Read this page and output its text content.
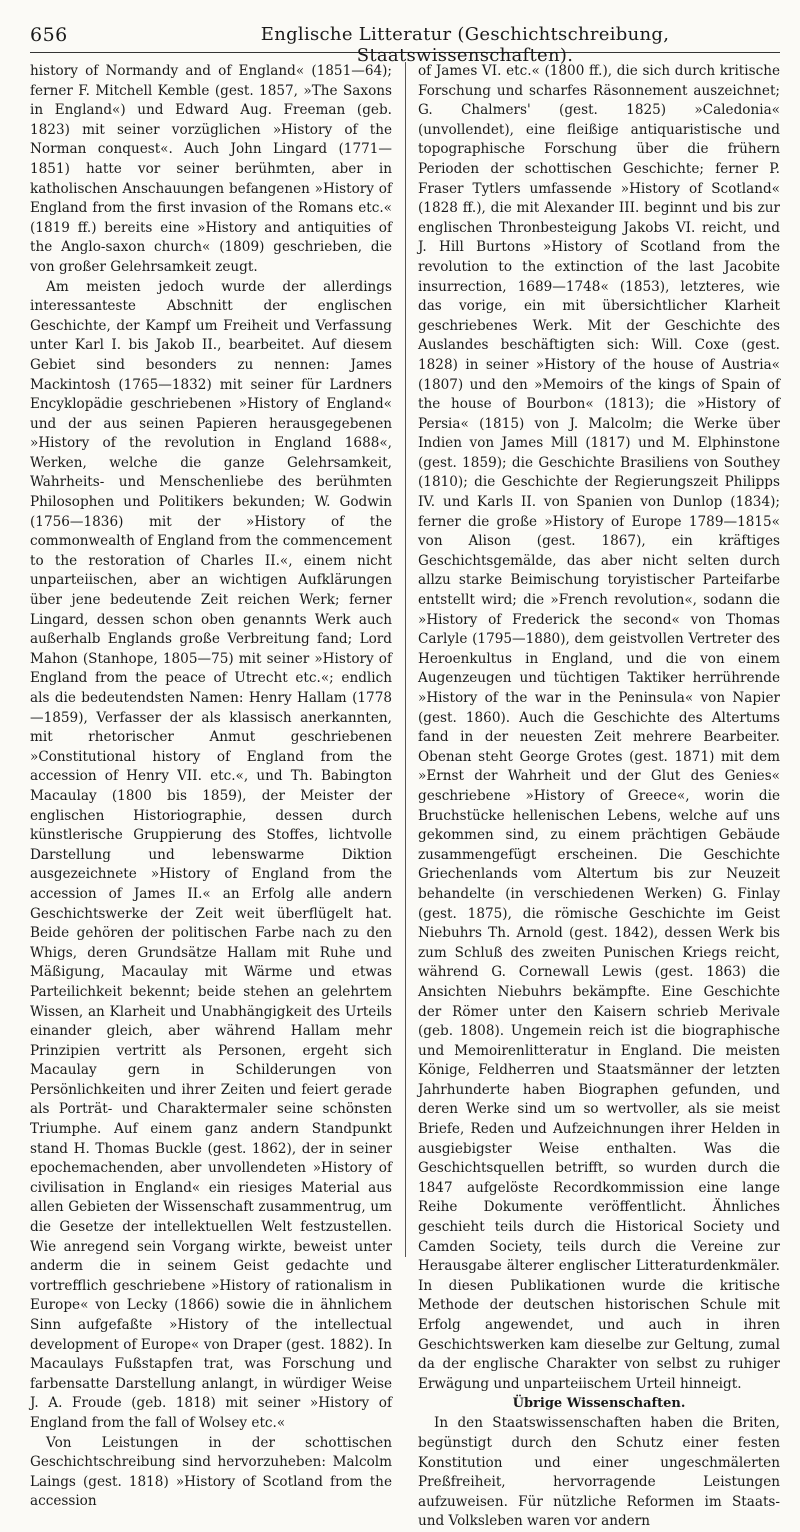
656	Englische Litteratur (Geschichtschreibung, Staatswissenschaften).

history of Normandy and of England« (1851—64); ferner F. Mitchell Kemble (gest. 1857, »The Saxons in England«) und Edward Aug. Freeman (geb. 1823) mit seiner vorzüglichen »History of the Norman conquest«. Auch John Lingard (1771—1851) hatte vor seiner berühmten, aber in katholischen Anschauungen befangenen »History of England from the first invasion of the Romans etc.« (1819 ff.) bereits eine »History and antiquities of the Anglo-saxon church« (1809) geschrieben, die von großer Gelehrsamkeit zeugt.

Am meisten jedoch wurde der allerdings interessanteste Abschnitt der englischen Geschichte, der Kampf um Freiheit und Verfassung unter Karl I. bis Jakob II., bearbeitet. Auf diesem Gebiet sind besonders zu nennen: James Mackintosh (1765—1832) mit seiner für Lardners Encyklopädie geschriebenen »History of England« und der aus seinen Papieren herausgegebenen »History of the revolution in England 1688«, Werken, welche die ganze Gelehrsamkeit, Wahrheits- und Menschenliebe des berühmten Philosophen und Politikers bekunden; W. Godwin (1756—1836) mit der »History of the commonwealth of England from the commencement to the restoration of Charles II.«, einem nicht unparteiischen, aber an wichtigen Aufklärungen über jene bedeutende Zeit reichen Werk; ferner Lingard, dessen schon oben genannts Werk auch außerhalb Englands große Verbreitung fand; Lord Mahon (Stanhope, 1805—75) mit seiner »History of England from the peace of Utrecht etc.«; endlich als die bedeutendsten Namen: Henry Hallam (1778—1859), Verfasser der als klassisch anerkannten, mit rhetorischer Anmut geschriebenen »Constitutional history of England from the accession of Henry VII. etc.«, und Th. Babington Macaulay (1800 bis 1859), der Meister der englischen Historiographie, dessen durch künstlerische Gruppierung des Stoffes, lichtvolle Darstellung und lebenswarme Diktion ausgezeichnete »History of England from the accession of James II.« an Erfolg alle andern Geschichtswerke der Zeit weit überflügelt hat. Beide gehören der politischen Farbe nach zu den Whigs, deren Grundsätze Hallam mit Ruhe und Mäßigung, Macaulay mit Wärme und etwas Parteilichkeit bekennt; beide stehen an gelehrtem Wissen, an Klarheit und Unabhängigkeit des Urteils einander gleich, aber während Hallam mehr Prinzipien vertritt als Personen, ergeht sich Macaulay gern in Schilderungen von Persönlichkeiten und ihrer Zeiten und feiert gerade als Porträt- und Charaktermaler seine schönsten Triumphe. Auf einem ganz andern Standpunkt stand H. Thomas Buckle (gest. 1862), der in seiner epochemachenden, aber unvollendeten »History of civilisation in England« ein riesiges Material aus allen Gebieten der Wissenschaft zusammentrug, um die Gesetze der intellektuellen Welt festzustellen. Wie anregend sein Vorgang wirkte, beweist unter anderm die in seinem Geist gedachte und vortrefflich geschriebene »History of rationalism in Europe« von Lecky (1866) sowie die in ähnlichem Sinn aufgefaßte »History of the intellectual development of Europe« von Draper (gest. 1882). In Macaulays Fußstapfen trat, was Forschung und farbensatte Darstellung anlangt, in würdiger Weise J. A. Froude (geb. 1818) mit seiner »History of England from the fall of Wolsey etc.«

Von Leistungen in der schottischen Geschichtschreibung sind hervorzuheben: Malcolm Laings (gest. 1818) »History of Scotland from the accession

of James VI. etc.« (1800 ff.), die sich durch kritische Forschung und scharfes Räsonnement auszeichnet; G. Chalmers' (gest. 1825) »Caledonia« (unvollendet), eine fleißige antiquaristische und topographische Forschung über die frühern Perioden der schottischen Geschichte; ferner P. Fraser Tytlers umfassende »History of Scotland« (1828 ff.), die mit Alexander III. beginnt und bis zur englischen Thronbesteigung Jakobs VI. reicht, und J. Hill Burtons »History of Scotland from the revolution to the extinction of the last Jacobite insurrection, 1689—1748« (1853), letzteres, wie das vorige, ein mit übersichtlicher Klarheit geschriebenes Werk. Mit der Geschichte des Auslandes beschäftigten sich: Will. Coxe (gest. 1828) in seiner »History of the house of Austria« (1807) und den »Memoirs of the kings of Spain of the house of Bourbon« (1813); die »History of Persia« (1815) von J. Malcolm; die Werke über Indien von James Mill (1817) und M. Elphinstone (gest. 1859); die Geschichte Brasiliens von Southey (1810); die Geschichte der Regierungszeit Philipps IV. und Karls II. von Spanien von Dunlop (1834); ferner die große »History of Europe 1789—1815« von Alison (gest. 1867), ein kräftiges Geschichtsgemälde, das aber nicht selten durch allzu starke Beimischung toryistischer Parteifarbe entstellt wird; die »French revolution«, sodann die »History of Frederick the second« von Thomas Carlyle (1795—1880), dem geistvollen Vertreter des Heroenkultus in England, und die von einem Augenzeugen und tüchtigen Taktiker herrührende »History of the war in the Peninsula« von Napier (gest. 1860). Auch die Geschichte des Altertums fand in der neuesten Zeit mehrere Bearbeiter. Obenan steht George Grotes (gest. 1871) mit dem »Ernst der Wahrheit und der Glut des Genies« geschriebene »History of Greece«, worin die Bruchstücke hellenischen Lebens, welche auf uns gekommen sind, zu einem prächtigen Gebäude zusammengefügt erscheinen. Die Geschichte Griechenlands vom Altertum bis zur Neuzeit behandelte (in verschiedenen Werken) G. Finlay (gest. 1875), die römische Geschichte im Geist Niebuhrs Th. Arnold (gest. 1842), dessen Werk bis zum Schluß des zweiten Punischen Kriegs reicht, während G. Cornewall Lewis (gest. 1863) die Ansichten Niebuhrs bekämpfte. Eine Geschichte der Römer unter den Kaisern schrieb Merivale (geb. 1808). Ungemein reich ist die biographische und Memoirenlitteratur in England. Die meisten Könige, Feldherren und Staatsmänner der letzten Jahrhunderte haben Biographen gefunden, und deren Werke sind um so wertvoller, als sie meist Briefe, Reden und Aufzeichnungen ihrer Helden in ausgiebigster Weise enthalten. Was die Geschichtsquellen betrifft, so wurden durch die 1847 aufgelöste Recordkommission eine lange Reihe Dokumente veröffentlicht. Ähnliches geschieht teils durch die Historical Society und Camden Society, teils durch die Vereine zur Herausgabe älterer englischer Litteraturdenkmäler. In diesen Publikationen wurde die kritische Methode der deutschen historischen Schule mit Erfolg angewendet, und auch in ihren Geschichtswerken kam dieselbe zur Geltung, zumal da der englische Charakter von selbst zu ruhiger Erwägung und unparteiischem Urteil hinneigt.

Übrige Wissenschaften.

In den Staatswissenschaften haben die Briten, begünstigt durch den Schutz einer festen Konstitution und einer ungeschmälerten Preßfreiheit, hervorragende Leistungen aufzuweisen. Für nützliche Reformen im Staats- und Volksleben waren vor andern
